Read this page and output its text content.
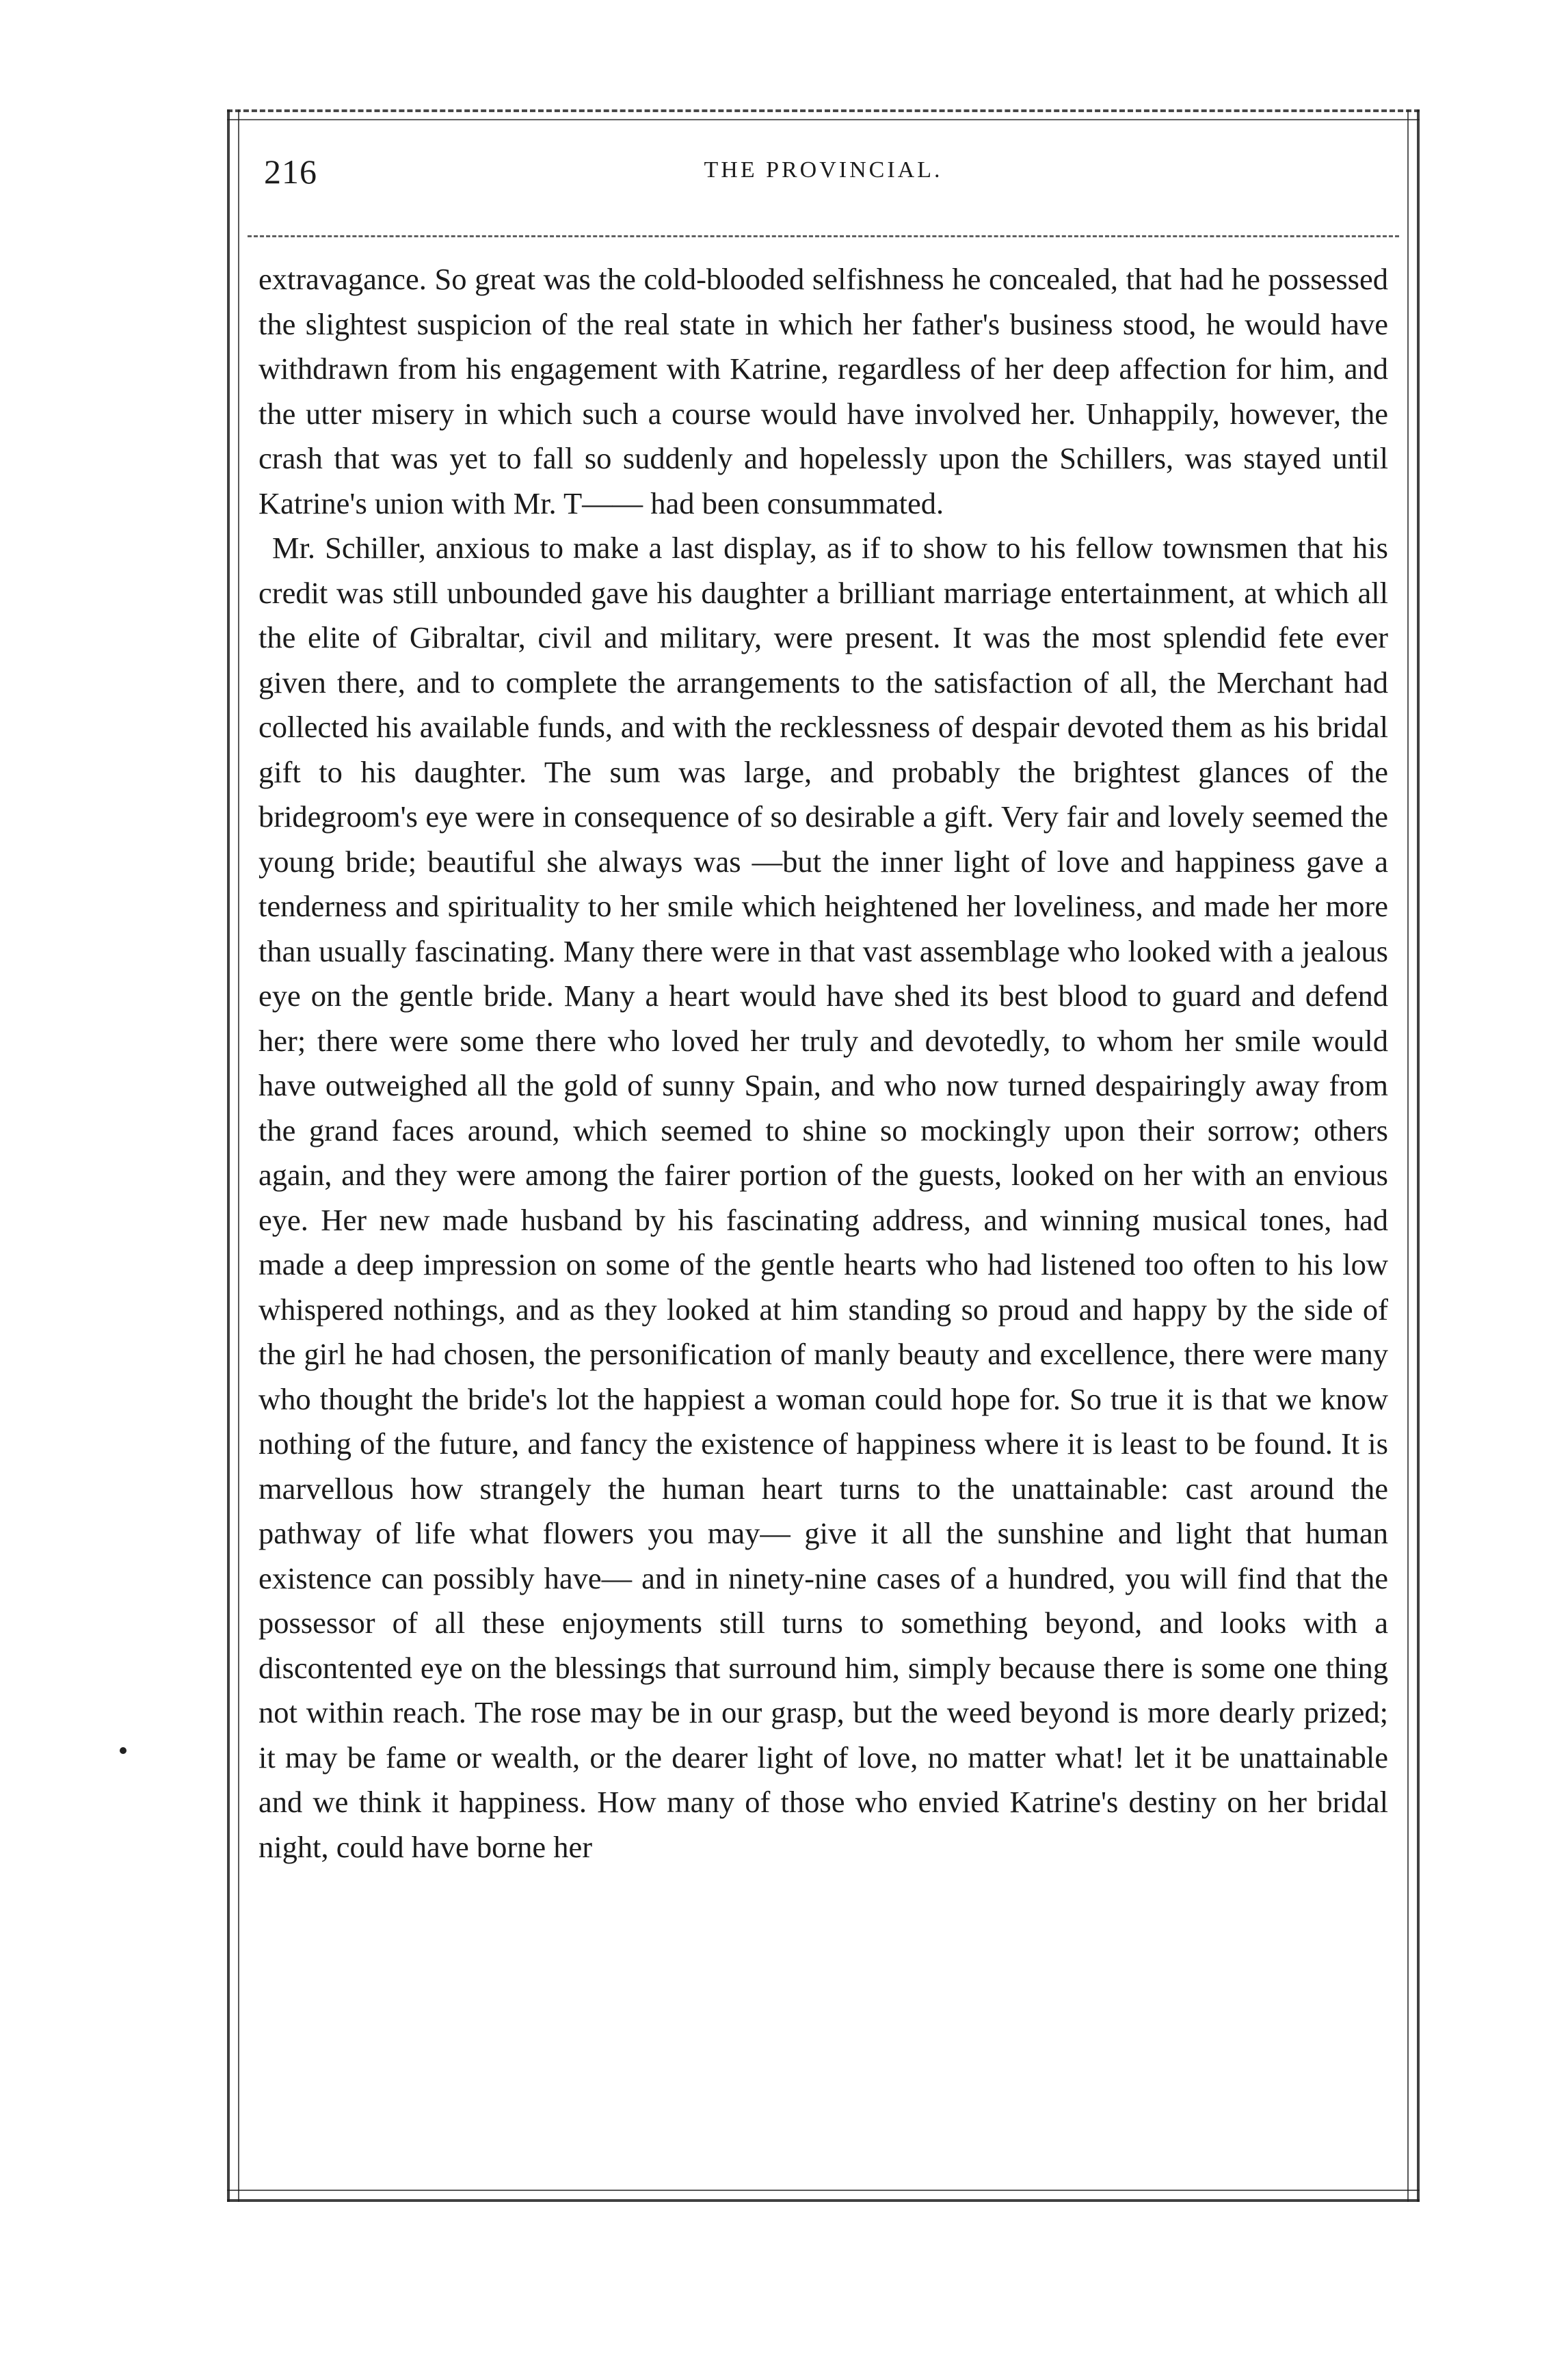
216	THE PROVINCIAL.

extravagance. So great was the cold-blooded selfishness he concealed, that had he possessed the slightest suspicion of the real state in which her father's business stood, he would have withdrawn from his engagement with Katrine, regardless of her deep affection for him, and the utter misery in which such a course would have involved her. Unhappily, however, the crash that was yet to fall so suddenly and hopelessly upon the Schillers, was stayed until Katrine's union with Mr. T—— had been consummated.

Mr. Schiller, anxious to make a last display, as if to show to his fellow townsmen that his credit was still unbounded gave his daughter a brilliant marriage entertainment, at which all the elite of Gibraltar, civil and military, were present. It was the most splendid fete ever given there, and to complete the arrangements to the satisfaction of all, the Merchant had collected his available funds, and with the recklessness of despair devoted them as his bridal gift to his daughter. The sum was large, and probably the brightest glances of the bridegroom's eye were in consequence of so desirable a gift. Very fair and lovely seemed the young bride; beautiful she always was —but the inner light of love and happiness gave a tenderness and spirituality to her smile which heightened her loveliness, and made her more than usually fascinating. Many there were in that vast assemblage who looked with a jealous eye on the gentle bride. Many a heart would have shed its best blood to guard and defend her; there were some there who loved her truly and devotedly, to whom her smile would have outweighed all the gold of sunny Spain, and who now turned despairingly away from the grand faces around, which seemed to shine so mockingly upon their sorrow; others again, and they were among the fairer portion of the guests, looked on her with an envious eye. Her new made husband by his fascinating address, and winning musical tones, had made a deep impression on some of the gentle hearts who had listened too often to his low whispered nothings, and as they looked at him standing so proud and happy by the side of the girl he had chosen, the personification of manly beauty and excellence, there were many who thought the bride's lot the happiest a woman could hope for. So true it is that we know nothing of the future, and fancy the existence of happiness where it is least to be found. It is marvellous how strangely the human heart turns to the unattainable: cast around the pathway of life what flowers you may— give it all the sunshine and light that human existence can possibly have— and in ninety-nine cases of a hundred, you will find that the possessor of all these enjoyments still turns to something beyond, and looks with a discontented eye on the blessings that surround him, simply because there is some one thing not within reach. The rose may be in our grasp, but the weed beyond is more dearly prized; it may be fame or wealth, or the dearer light of love, no matter what! let it be unattainable and we think it happiness. How many of those who envied Katrine's destiny on her bridal night, could have borne her
